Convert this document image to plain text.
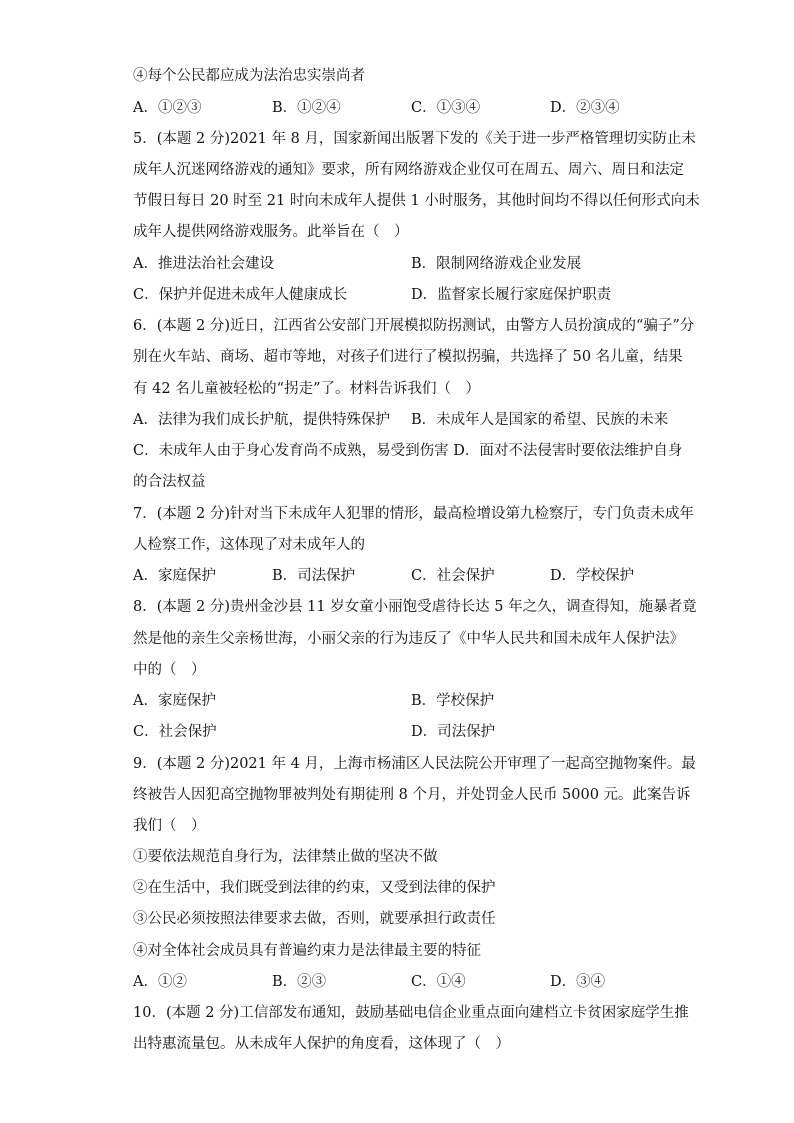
④每个公民都应成为法治忠实崇尚者
A．①②③	B．①②④	C．①③④	D．②③④
5．(本题 2 分)2021 年 8 月，国家新闻出版署下发的《关于进一步严格管理切实防止未
成年人沉迷网络游戏的通知》要求，所有网络游戏企业仅可在周五、周六、周日和法定
节假日每日 20 时至 21 时向未成年人提供 1 小时服务，其他时间均不得以任何形式向未
成年人提供网络游戏服务。此举旨在（　）
A．推进法治社会建设	B．限制网络游戏企业发展
C．保护并促进未成年人健康成长	D．监督家长履行家庭保护职责
6．(本题 2 分)近日，江西省公安部门开展模拟防拐测试，由警方人员扮演成的“骗子”分
别在火车站、商场、超市等地，对孩子们进行了模拟拐骗，共选择了 50 名儿童，结果
有 42 名儿童被轻松的“拐走”了。材料告诉我们（　）
A．法律为我们成长护航，提供特殊保护 B．未成年人是国家的希望、民族的未来
C．未成年人由于身心发育尚不成熟，易受到伤害 D．面对不法侵害时要依法维护自身
的合法权益
7．(本题 2 分)针对当下未成年人犯罪的情形，最高检增设第九检察厅，专门负责未成年
人检察工作，这体现了对未成年人的
A．家庭保护	B．司法保护	C．社会保护	D．学校保护
8．(本题 2 分)贵州金沙县 11 岁女童小丽饱受虐待长达 5 年之久，调查得知，施暴者竟
然是他的亲生父亲杨世海，小丽父亲的行为违反了《中华人民共和国未成年人保护法》
中的（　）
A．家庭保护	B．学校保护
C．社会保护	D．司法保护
9．(本题 2 分)2021 年 4 月，上海市杨浦区人民法院公开审理了一起高空抛物案件。最
终被告人因犯高空抛物罪被判处有期徒刑 8 个月，并处罚金人民币 5000 元。此案告诉
我们（　）
①要依法规范自身行为，法律禁止做的坚决不做
②在生活中，我们既受到法律的约束，又受到法律的保护
③公民必须按照法律要求去做，否则，就要承担行政责任
④对全体社会成员具有普遍约束力是法律最主要的特征
A．①②	B．②③	C．①④	D．③④
10．(本题 2 分)工信部发布通知，鼓励基础电信企业重点面向建档立卡贫困家庭学生推
出特惠流量包。从未成年人保护的角度看，这体现了（　）
